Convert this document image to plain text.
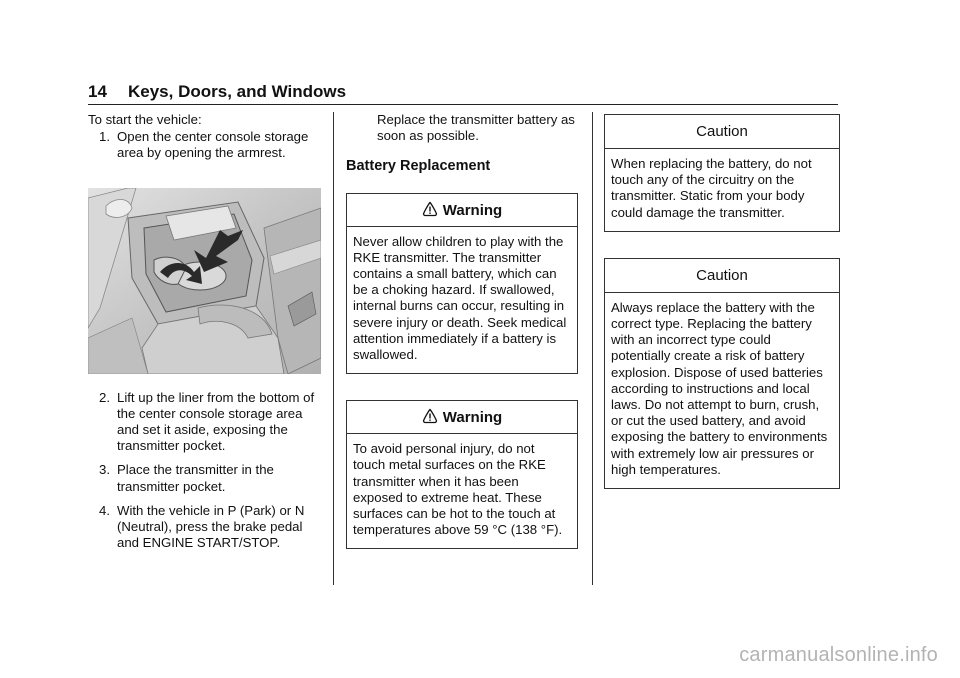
14 Keys, Doors, and Windows

To start the vehicle:

1. Open the center console storage area by opening the armrest.
2. Lift up the liner from the bottom of the center console storage area and set it aside, exposing the transmitter pocket.
3. Place the transmitter in the transmitter pocket.
4. With the vehicle in P (Park) or N (Neutral), press the brake pedal and ENGINE START/STOP.

Replace the transmitter battery as soon as possible.

Battery Replacement
Warning
Never allow children to play with the RKE transmitter. The transmitter contains a small battery, which can be a choking hazard. If swallowed, internal burns can occur, resulting in severe injury or death. Seek medical attention immediately if a battery is swallowed.
Warning
To avoid personal injury, do not touch metal surfaces on the RKE transmitter when it has been exposed to extreme heat. These surfaces can be hot to the touch at temperatures above 59 °C (138 °F).
Caution
When replacing the battery, do not touch any of the circuitry on the transmitter. Static from your body could damage the transmitter.
Caution
Always replace the battery with the correct type. Replacing the battery with an incorrect type could potentially create a risk of battery explosion. Dispose of used batteries according to instructions and local laws. Do not attempt to burn, crush, or cut the used battery, and avoid exposing the battery to environments with extremely low air pressures or high temperatures.
carmanualsonline.info
